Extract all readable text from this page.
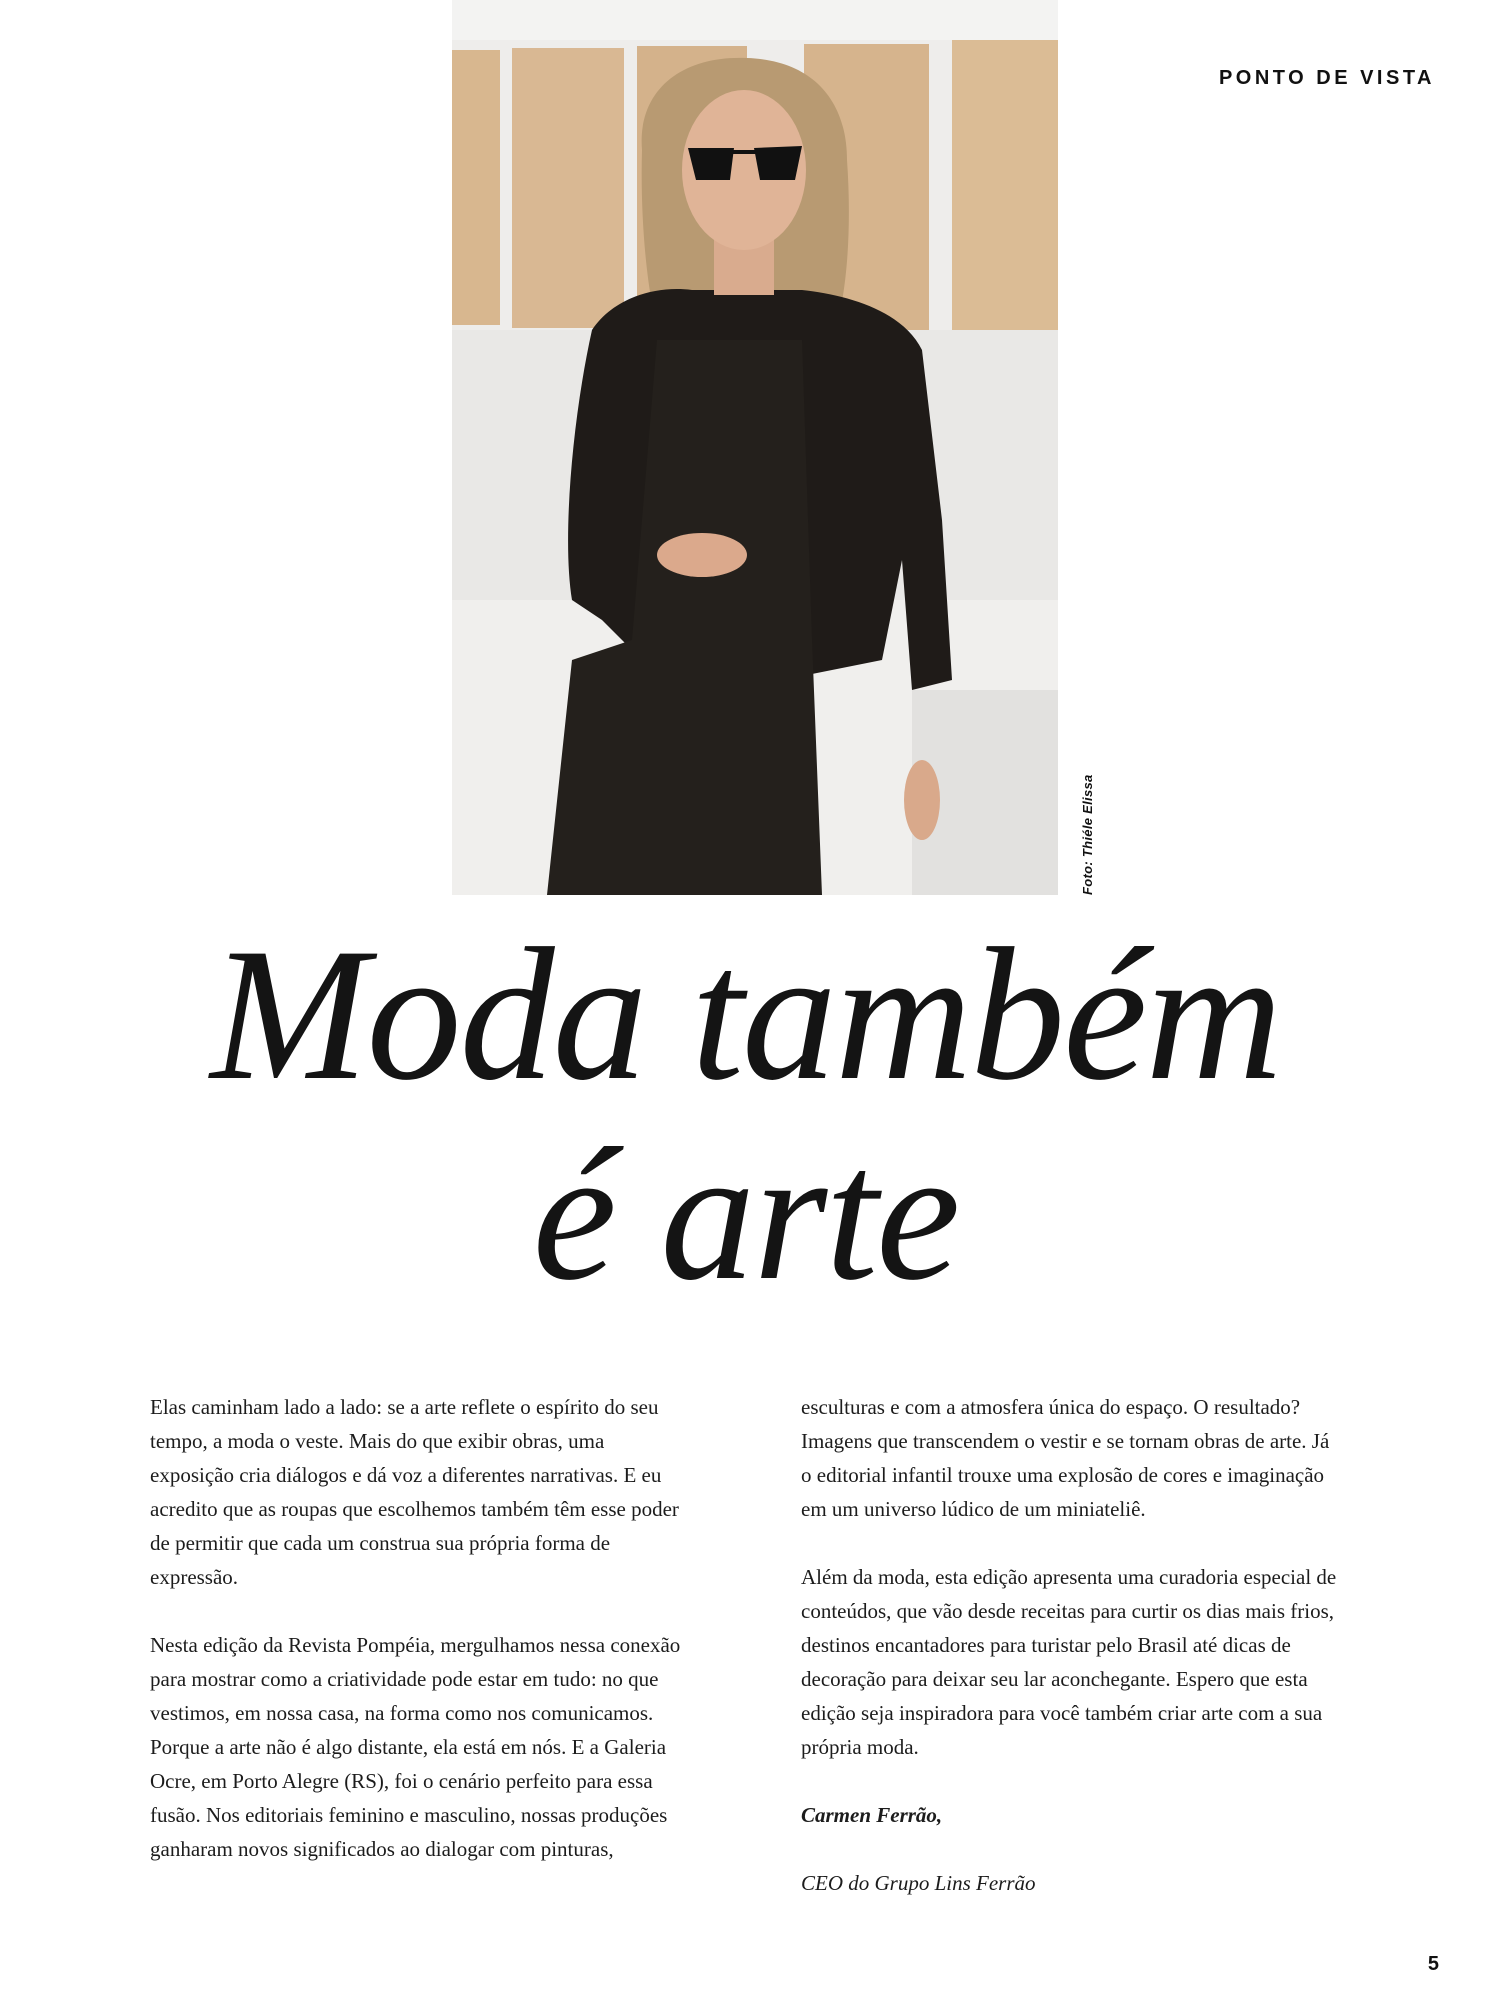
PONTO DE VISTA
Foto: Thiéle Elissa
Moda também
é arte

Elas caminham lado a lado: se a arte reflete o espírito do seu tempo, a moda o veste. Mais do que exibir obras, uma exposição cria diálogos e dá voz a diferentes narrativas. E eu acredito que as roupas que escolhemos também têm esse poder de permitir que cada um construa sua própria forma de expressão.

Nesta edição da Revista Pompéia, mergulhamos nessa conexão para mostrar como a criatividade pode estar em tudo: no que vestimos, em nossa casa, na forma como nos comunicamos. Porque a arte não é algo distante, ela está em nós. E a Galeria Ocre, em Porto Alegre (RS), foi o cenário perfeito para essa fusão. Nos editoriais feminino e masculino, nossas produções ganharam novos significados ao dialogar com pinturas,

esculturas e com a atmosfera única do espaço. O resultado? Imagens que transcendem o vestir e se tornam obras de arte. Já o editorial infantil trouxe uma explosão de cores e imaginação em um universo lúdico de um miniateliê.

Além da moda, esta edição apresenta uma curadoria especial de conteúdos, que vão desde receitas para curtir os dias mais frios, destinos encantadores para turistar pelo Brasil até dicas de decoração para deixar seu lar aconchegante. Espero que esta edição seja inspiradora para você também criar arte com a sua própria moda.

Carmen Ferrão,

CEO do Grupo Lins Ferrão

5
